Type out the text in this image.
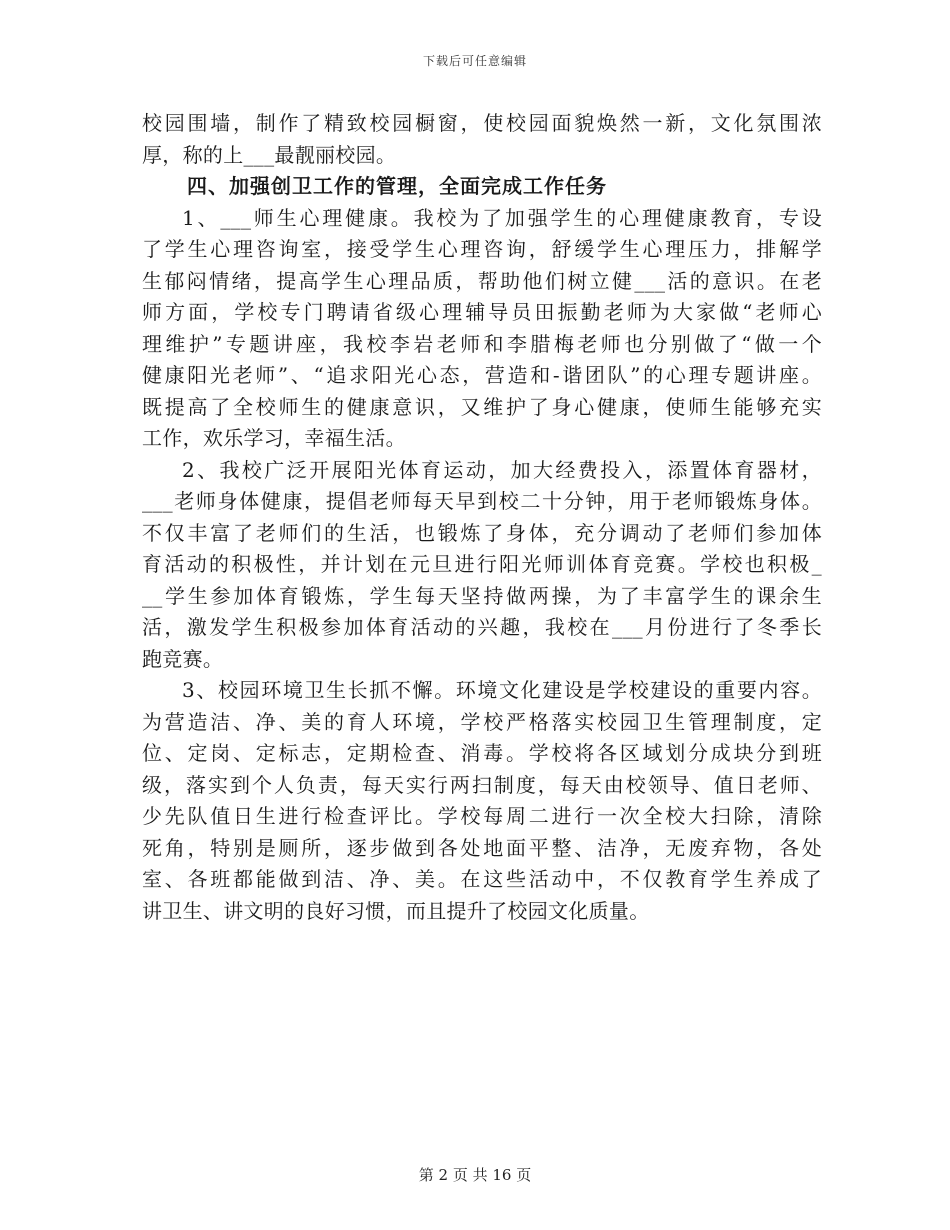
下载后可任意编辑
校园围墙，制作了精致校园橱窗，使校园面貌焕然一新，文化氛围浓
厚，称的上___最靓丽校园。
四、加强创卫工作的管理，全面完成工作任务
1、___师生心理健康。我校为了加强学生的心理健康教育，专设
了学生心理咨询室，接受学生心理咨询，舒缓学生心理压力，排解学
生郁闷情绪，提高学生心理品质，帮助他们树立健___活的意识。在老
师方面，学校专门聘请省级心理辅导员田振勤老师为大家做“老师心
理维护”专题讲座，我校李岩老师和李腊梅老师也分别做了“做一个
健康阳光老师”、“追求阳光心态，营造和-谐团队”的心理专题讲座。
既提高了全校师生的健康意识，又维护了身心健康，使师生能够充实
工作，欢乐学习，幸福生活。
2、我校广泛开展阳光体育运动，加大经费投入，添置体育器材，
___老师身体健康，提倡老师每天早到校二十分钟，用于老师锻炼身体。
不仅丰富了老师们的生活，也锻炼了身体，充分调动了老师们参加体
育活动的积极性，并计划在元旦进行阳光师训体育竞赛。学校也积极_
__学生参加体育锻炼，学生每天坚持做两操，为了丰富学生的课余生
活，激发学生积极参加体育活动的兴趣，我校在___月份进行了冬季长
跑竞赛。
3、校园环境卫生长抓不懈。环境文化建设是学校建设的重要内容。
为营造洁、净、美的育人环境，学校严格落实校园卫生管理制度，定
位、定岗、定标志，定期检查、消毒。学校将各区域划分成块分到班
级，落实到个人负责，每天实行两扫制度，每天由校领导、值日老师、
少先队值日生进行检查评比。学校每周二进行一次全校大扫除，清除
死角，特别是厕所，逐步做到各处地面平整、洁净，无废弃物，各处
室、各班都能做到洁、净、美。在这些活动中，不仅教育学生养成了
讲卫生、讲文明的良好习惯，而且提升了校园文化质量。
第 2 页 共 16 页
